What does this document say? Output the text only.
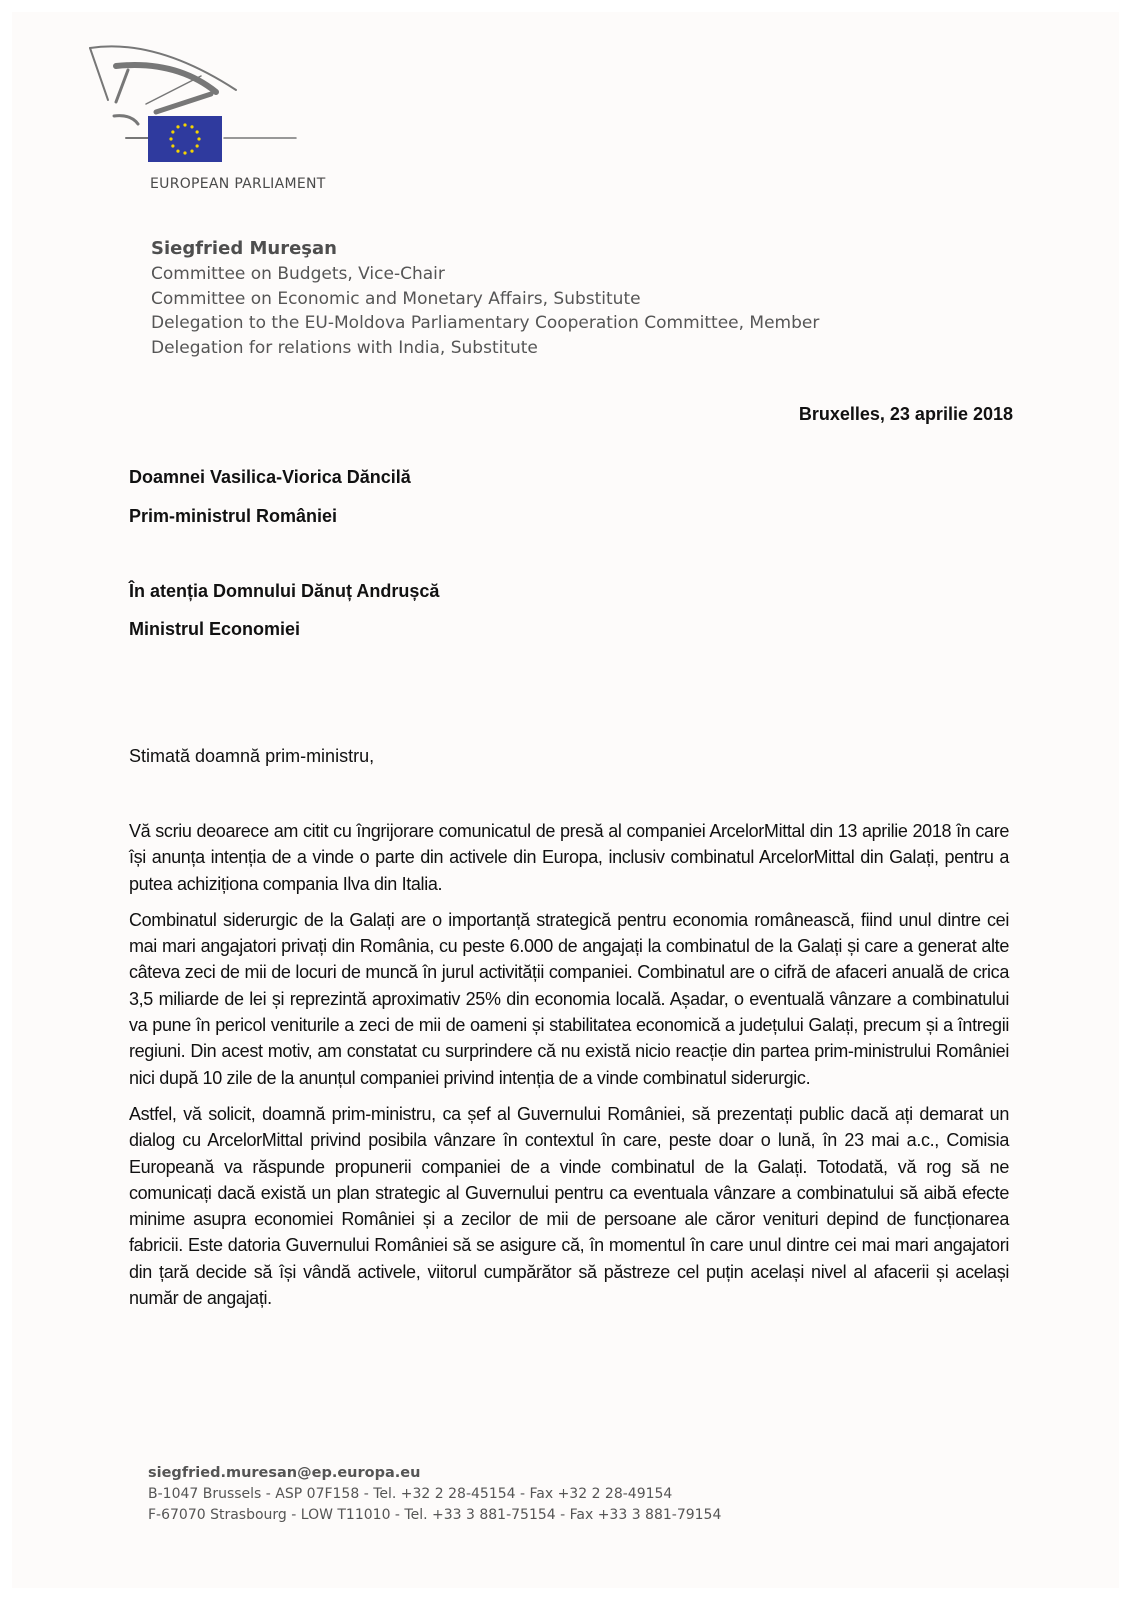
EUROPEAN PARLIAMENT
Siegfried Mureşan
Committee on Budgets, Vice-Chair
Committee on Economic and Monetary Affairs, Substitute
Delegation to the EU-Moldova Parliamentary Cooperation Committee, Member
Delegation for relations with India, Substitute
Bruxelles, 23 aprilie 2018
Doamnei Vasilica-Viorica Dăncilă
Prim-ministrul României
În atenția Domnului Dănuț Andrușcă
Ministrul Economiei
Stimată doamnă prim-ministru,

Vă scriu deoarece am citit cu îngrijorare comunicatul de presă al companiei ArcelorMittal din 13 aprilie 2018 în care își anunța intenția de a vinde o parte din activele din Europa, inclusiv combinatul ArcelorMittal din Galați, pentru a putea achiziționa compania Ilva din Italia.

Combinatul siderurgic de la Galați are o importanță strategică pentru economia românească, fiind unul dintre cei mai mari angajatori privați din România, cu peste 6.000 de angajați la combinatul de la Galați și care a generat alte câteva zeci de mii de locuri de muncă în jurul activității companiei. Combinatul are o cifră de afaceri anuală de crica 3,5 miliarde de lei și reprezintă aproximativ 25% din economia locală. Așadar, o eventuală vânzare a combinatului va pune în pericol veniturile a zeci de mii de oameni și stabilitatea economică a județului Galați, precum și a întregii regiuni. Din acest motiv, am constatat cu surprindere că nu există nicio reacție din partea prim-ministrului României nici după 10 zile de la anunțul companiei privind intenția de a vinde combinatul siderurgic.

Astfel, vă solicit, doamnă prim-ministru, ca șef al Guvernului României, să prezentați public dacă ați demarat un dialog cu ArcelorMittal privind posibila vânzare în contextul în care, peste doar o lună, în 23 mai a.c., Comisia Europeană va răspunde propunerii companiei de a vinde combinatul de la Galați. Totodată, vă rog să ne comunicați dacă există un plan strategic al Guvernului pentru ca eventuala vânzare a combinatului să aibă efecte minime asupra economiei României și a zecilor de mii de persoane ale căror venituri depind de funcționarea fabricii. Este datoria Guvernului României să se asigure că, în momentul în care unul dintre cei mai mari angajatori din țară decide să își vândă activele, viitorul cumpărător să păstreze cel puțin același nivel al afacerii și același număr de angajați.

siegfried.muresan@ep.europa.eu
B-1047 Brussels - ASP 07F158 - Tel. +32 2 28-45154 - Fax +32 2 28-49154
F-67070 Strasbourg - LOW T11010 - Tel. +33 3 881-75154 - Fax +33 3 881-79154
